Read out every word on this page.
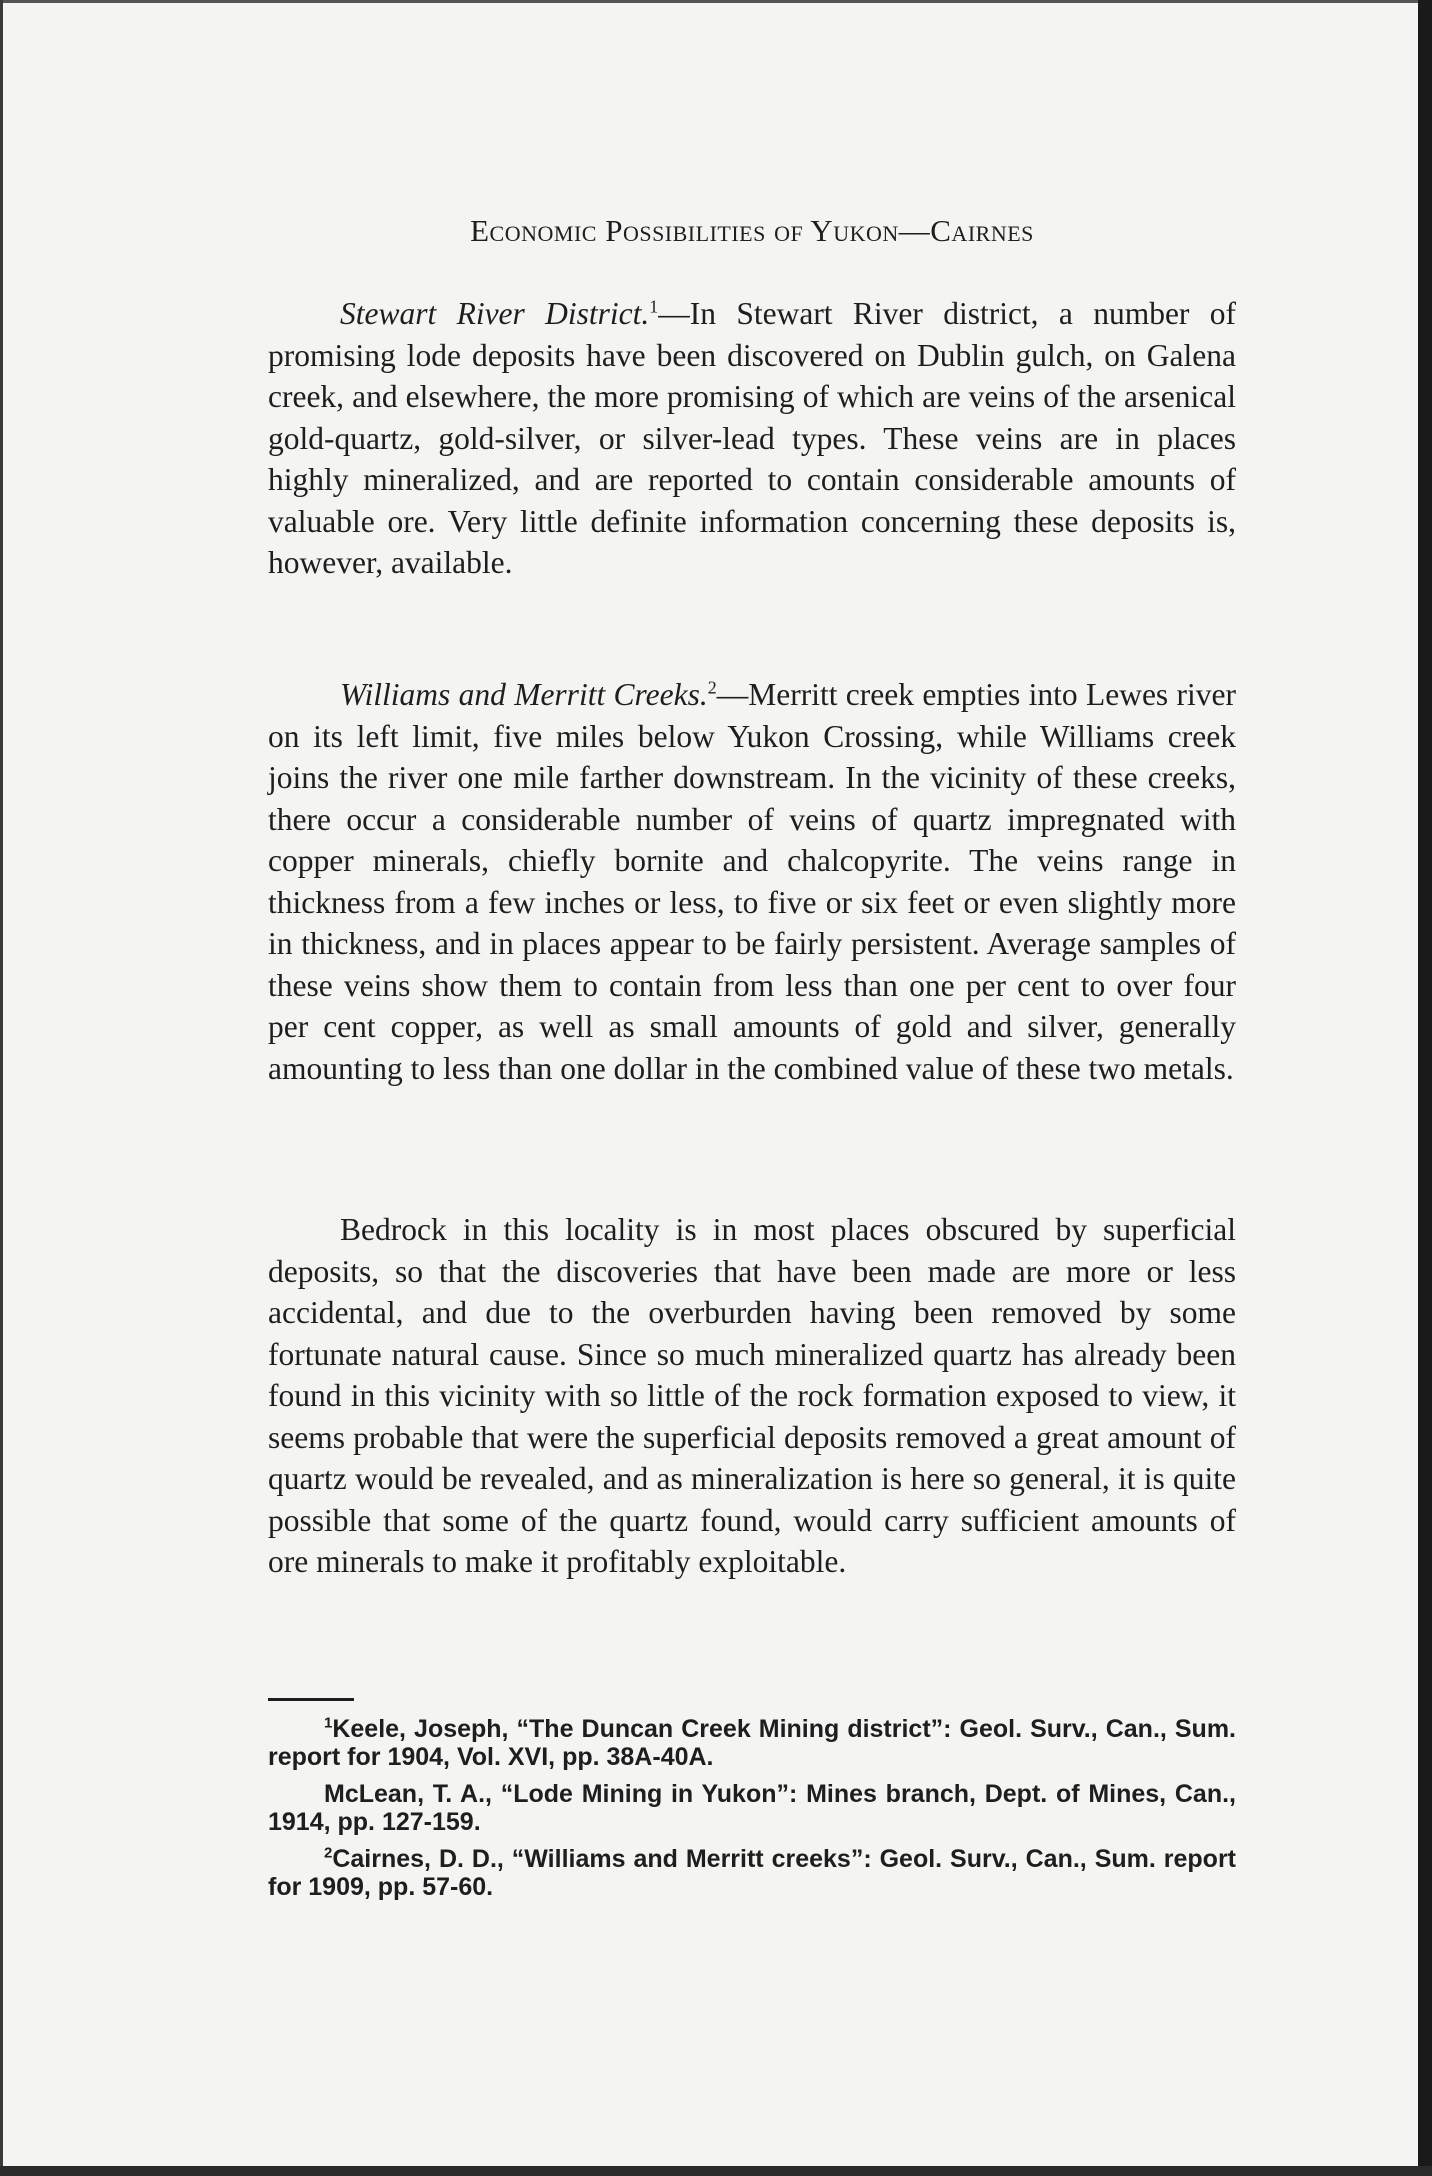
Economic Possibilities of Yukon—Cairnes

Stewart River District.$^1$—In Stewart River district, a number of promising lode deposits have been discovered on Dublin gulch, on Galena creek, and elsewhere, the more promising of which are veins of the arsenical gold-quartz, gold-silver, or silver-lead types. These veins are in places highly mineralized, and are reported to contain considerable amounts of valuable ore. Very little definite information concerning these deposits is, however, available.

Williams and Merritt Creeks.$^2$—Merritt creek empties into Lewes river on its left limit, five miles below Yukon Crossing, while Williams creek joins the river one mile farther downstream. In the vicinity of these creeks, there occur a considerable number of veins of quartz impregnated with copper minerals, chiefly bornite and chalcopyrite. The veins range in thickness from a few inches or less, to five or six feet or even slightly more in thickness, and in places appear to be fairly persistent. Average samples of these veins show them to contain from less than one per cent to over four per cent copper, as well as small amounts of gold and silver, generally amounting to less than one dollar in the combined value of these two metals.

Bedrock in this locality is in most places obscured by superficial deposits, so that the discoveries that have been made are more or less accidental, and due to the overburden having been removed by some fortunate natural cause. Since so much mineralized quartz has already been found in this vicinity with so little of the rock formation exposed to view, it seems probable that were the superficial deposits removed a great amount of quartz would be revealed, and as mineralization is here so general, it is quite possible that some of the quartz found, would carry sufficient amounts of ore minerals to make it profitably exploitable.

$^1$Keele, Joseph, “The Duncan Creek Mining district”: Geol. Surv., Can., Sum. report for 1904, Vol. XVI, pp. 38A-40A.

McLean, T. A., “Lode Mining in Yukon”: Mines branch, Dept. of Mines, Can., 1914, pp. 127-159.

$^2$Cairnes, D. D., “Williams and Merritt creeks”: Geol. Surv., Can., Sum. report for 1909, pp. 57-60.
